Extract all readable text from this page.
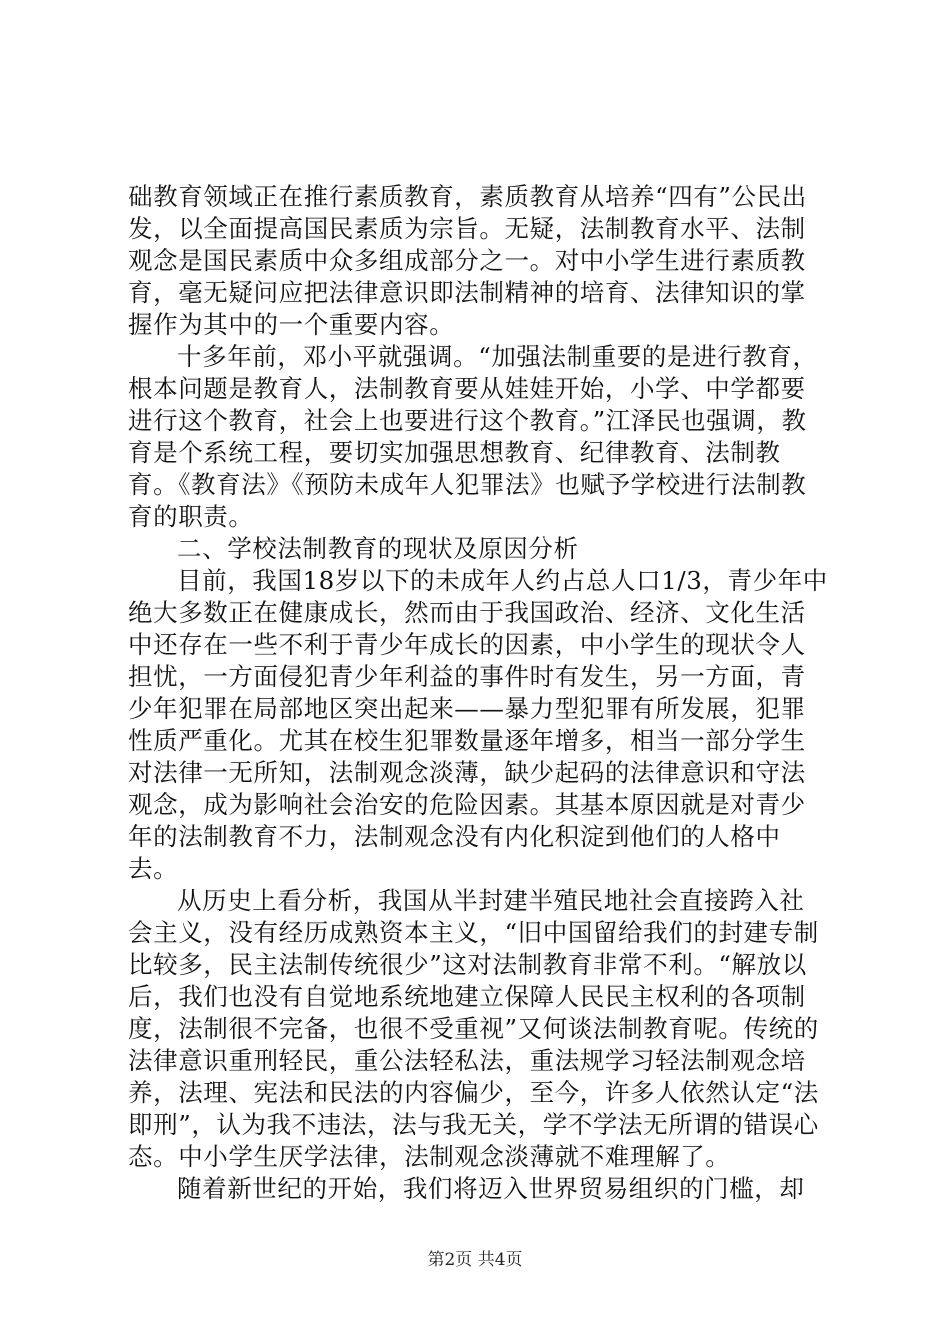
础教育领域正在推行素质教育，素质教育从培养“四有”公民出发，以全面提高国民素质为宗旨。无疑，法制教育水平、法制观念是国民素质中众多组成部分之一。对中小学生进行素质教育，毫无疑问应把法律意识即法制精神的培育、法律知识的掌握作为其中的一个重要内容。

十多年前，邓小平就强调。“加强法制重要的是进行教育，根本问题是教育人，法制教育要从娃娃开始，小学、中学都要进行这个教育，社会上也要进行这个教育。”江泽民也强调，教育是个系统工程，要切实加强思想教育、纪律教育、法制教育。《教育法》《预防未成年人犯罪法》也赋予学校进行法制教育的职责。

二、学校法制教育的现状及原因分析

目前，我国18岁以下的未成年人约占总人口1/3，青少年中绝大多数正在健康成长，然而由于我国政治、经济、文化生活中还存在一些不利于青少年成长的因素，中小学生的现状令人担忧，一方面侵犯青少年利益的事件时有发生，另一方面，青少年犯罪在局部地区突出起来——暴力型犯罪有所发展，犯罪性质严重化。尤其在校生犯罪数量逐年增多，相当一部分学生对法律一无所知，法制观念淡薄，缺少起码的法律意识和守法观念，成为影响社会治安的危险因素。其基本原因就是对青少年的法制教育不力，法制观念没有内化积淀到他们的人格中去。

从历史上看分析，我国从半封建半殖民地社会直接跨入社会主义，没有经历成熟资本主义，“旧中国留给我们的封建专制比较多，民主法制传统很少”这对法制教育非常不利。“解放以后，我们也没有自觉地系统地建立保障人民民主权利的各项制度，法制很不完备，也很不受重视”又何谈法制教育呢。传统的法律意识重刑轻民，重公法轻私法，重法规学习轻法制观念培养，法理、宪法和民法的内容偏少，至今，许多人依然认定“法即刑”，认为我不违法，法与我无关，学不学法无所谓的错误心态。中小学生厌学法律，法制观念淡薄就不难理解了。

随着新世纪的开始，我们将迈入世界贸易组织的门槛，却

第2页 共4页
